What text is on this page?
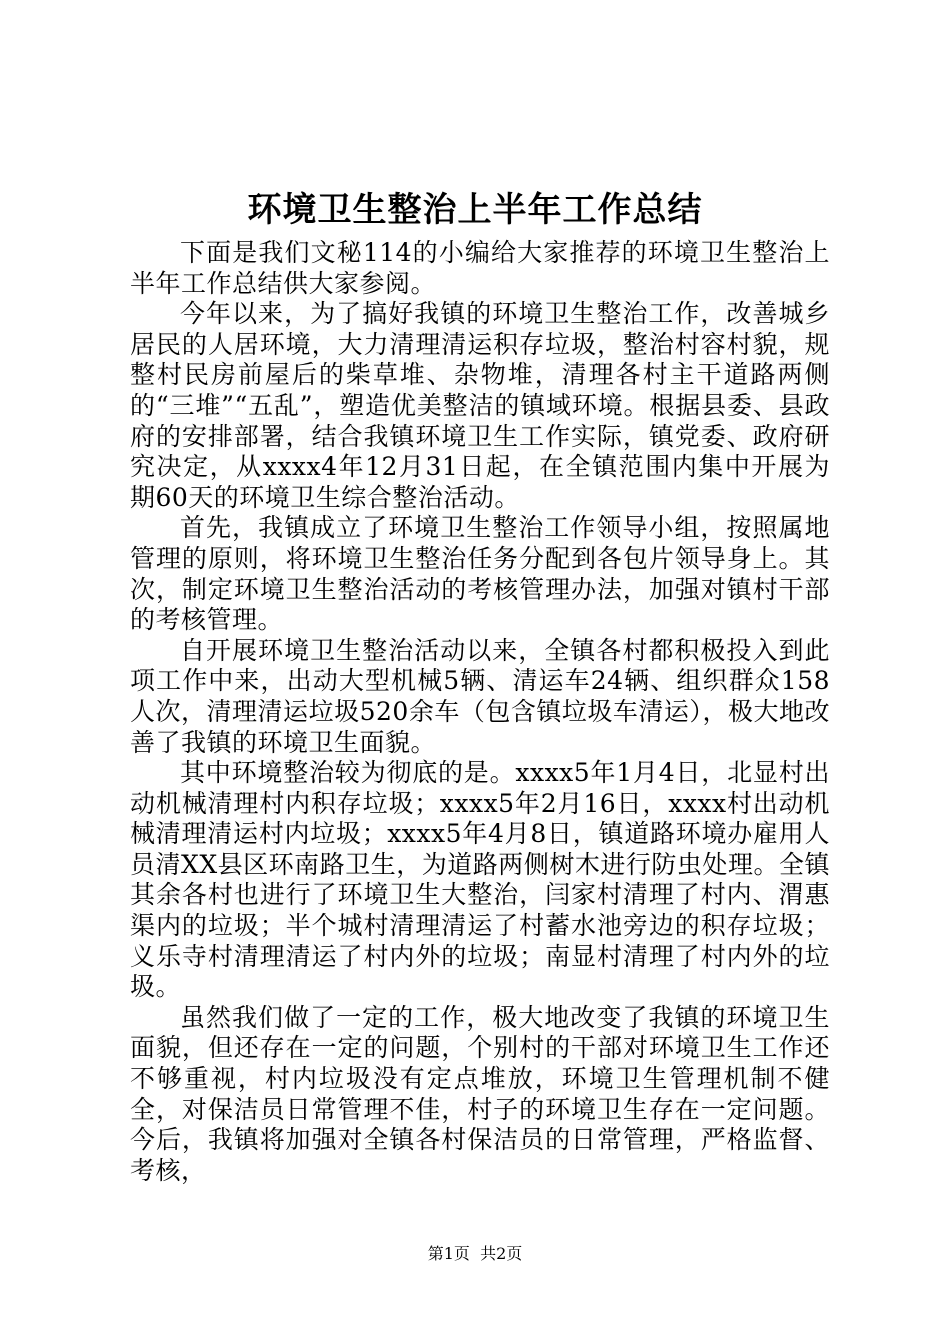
环境卫生整治上半年工作总结

下面是我们文秘114的小编给大家推荐的环境卫生整治上半年工作总结供大家参阅。

今年以来，为了搞好我镇的环境卫生整治工作，改善城乡居民的人居环境，大力清理清运积存垃圾，整治村容村貌，规整村民房前屋后的柴草堆、杂物堆，清理各村主干道路两侧的“三堆”“五乱”，塑造优美整洁的镇域环境。根据县委、县政府的安排部署，结合我镇环境卫生工作实际，镇党委、政府研究决定，从xxxx4年12月31日起，在全镇范围内集中开展为期60天的环境卫生综合整治活动。

首先，我镇成立了环境卫生整治工作领导小组，按照属地管理的原则，将环境卫生整治任务分配到各包片领导身上。其次，制定环境卫生整治活动的考核管理办法，加强对镇村干部的考核管理。

自开展环境卫生整治活动以来，全镇各村都积极投入到此项工作中来，出动大型机械5辆、清运车24辆、组织群众158人次，清理清运垃圾520余车（包含镇垃圾车清运），极大地改善了我镇的环境卫生面貌。

其中环境整治较为彻底的是。xxxx5年1月4日，北显村出动机械清理村内积存垃圾；xxxx5年2月16日，xxxx村出动机械清理清运村内垃圾；xxxx5年4月8日，镇道路环境办雇用人员清XX县区环南路卫生，为道路两侧树木进行防虫处理。全镇其余各村也进行了环境卫生大整治，闫家村清理了村内、渭惠渠内的垃圾；半个城村清理清运了村蓄水池旁边的积存垃圾；义乐寺村清理清运了村内外的垃圾；南显村清理了村内外的垃圾。

虽然我们做了一定的工作，极大地改变了我镇的环境卫生面貌，但还存在一定的问题，个别村的干部对环境卫生工作还不够重视，村内垃圾没有定点堆放，环境卫生管理机制不健全，对保洁员日常管理不佳，村子的环境卫生存在一定问题。今后，我镇将加强对全镇各村保洁员的日常管理，严格监督、考核，

第1页 共2页
